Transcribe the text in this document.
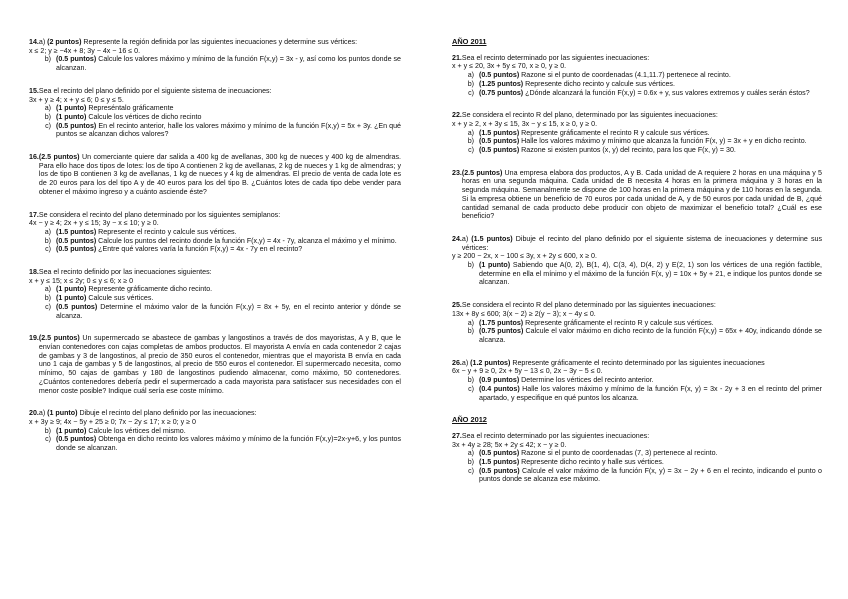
14. a) (2 puntos) Represente la región definida por las siguientes inecuaciones y determine sus vértices:

x ≤ 2; y ≥ −4x + 8; 3y − 4x − 16 ≤ 0.

b) (0.5 puntos) Calcule los valores máximo y mínimo de la función F(x,y) = 3x - y, así como los puntos donde se alcanzan.
15. Sea el recinto del plano definido por el siguiente sistema de inecuaciones:

3x + y ≥ 4; x + y ≤ 6; 0 ≤ y ≤ 5.

a) (1 punto) Represéntalo gráficamente
b) (1 punto) Calcule los vértices de dicho recinto
c) (0.5 puntos) En el recinto anterior, halle los valores máximo y mínimo de la función F(x,y) = 5x + 3y. ¿En qué puntos se alcanzan dichos valores?
16. (2.5 puntos) Un comerciante quiere dar salida a 400 kg de avellanas, 300 kg de nueces y 400 kg de almendras. Para ello hace dos tipos de lotes: los de tipo A contienen 2 kg de avellanas, 2 kg de nueces y 1 kg de almendras; y los de tipo B contienen 3 kg de avellanas, 1 kg de nueces y 4 kg de almendras. El precio de venta de cada lote es de 20 euros para los del tipo A y de 40 euros para los del tipo B. ¿Cuántos lotes de cada tipo debe vender para obtener el máximo ingreso y a cuánto asciende éste?
17. Se considera el recinto del plano determinado por los siguientes semiplanos:

4x − y ≥ 4; 2x + y ≤ 15; 3y − x ≤ 10; y ≥ 0.

a) (1.5 puntos) Represente el recinto y calcule sus vértices.
b) (0.5 puntos) Calcule los puntos del recinto donde la función F(x,y) = 4x - 7y, alcanza el máximo y el mínimo.
c) (0.5 puntos) ¿Entre qué valores varía la función F(x,y) = 4x - 7y en el recinto?
18. Sea el recinto definido por las inecuaciones siguientes:

x + y ≤ 15; x ≤ 2y; 0 ≤ y ≤ 6; x ≥ 0

a) (1 punto) Represente gráficamente dicho recinto.
b) (1 punto) Calcule sus vértices.
c) (0.5 puntos) Determine el máximo valor de la función F(x,y) = 8x + 5y, en el recinto anterior y dónde se alcanza.
19. (2.5 puntos) Un supermercado se abastece de gambas y langostinos a través de dos mayoristas, A y B, que le envían contenedores con cajas completas de ambos productos. El mayorista A envía en cada contenedor 2 cajas de gambas y 3 de langostinos, al precio de 350 euros el contenedor, mientras que el mayorista B envía en cada uno 1 caja de gambas y 5 de langostinos, al precio de 550 euros el contenedor. El supermercado necesita, como mínimo, 50 cajas de gambas y 180 de langostinos pudiendo almacenar, como máximo, 50 contenedores. ¿Cuántos contenedores debería pedir el supermercado a cada mayorista para satisfacer sus necesidades con el menor coste posible? Indique cuál sería ese coste mínimo.
20. a) (1 punto) Dibuje el recinto del plano definido por las inecuaciones:

x + 3y ≥ 9; 4x − 5y + 25 ≥ 0; 7x − 2y ≤ 17; x ≥ 0; y ≥ 0

b) (1 punto) Calcule los vértices del mismo.
c) (0.5 puntos) Obtenga en dicho recinto los valores máximo y mínimo de la función F(x,y)=2x-y+6, y los puntos donde se alcanzan.

AÑO 2011

21. Sea el recinto determinado por las siguientes inecuaciones:

x + y ≤ 20, 3x + 5y ≤ 70, x ≥ 0, y ≥ 0.

a) (0.5 puntos) Razone si el punto de coordenadas (4.1,11.7) pertenece al recinto.
b) (1.25 puntos) Represente dicho recinto y calcule sus vértices.
c) (0.75 puntos) ¿Dónde alcanzará la función F(x,y) = 0.6x + y, sus valores extremos y cuáles serán éstos?
22. Se considera el recinto R del plano, determinado por las siguientes inecuaciones:

x + y ≥ 2, x + 3y ≤ 15, 3x − y ≤ 15, x ≥ 0, y ≥ 0.

a) (1.5 puntos) Represente gráficamente el recinto R y calcule sus vértices.
b) (0.5 puntos) Halle los valores máximo y mínimo que alcanza la función F(x, y) = 3x + y en dicho recinto.
c) (0.5 puntos) Razone si existen puntos (x, y) del recinto, para los que F(x, y) = 30.
23. (2.5 puntos) Una empresa elabora dos productos, A y B. Cada unidad de A requiere 2 horas en una máquina y 5 horas en una segunda máquina. Cada unidad de B necesita 4 horas en la primera máquina y 3 horas en la segunda máquina. Semanalmente se dispone de 100 horas en la primera máquina y de 110 horas en la segunda. Si la empresa obtiene un beneficio de 70 euros por cada unidad de A, y de 50 euros por cada unidad de B, ¿qué cantidad semanal de cada producto debe producir con objeto de maximizar el beneficio total? ¿Cuál es ese beneficio?
24. a) (1.5 puntos) Dibuje el recinto del plano definido por el siguiente sistema de inecuaciones y determine sus vértices:

y ≥ 200 − 2x, x − 100 ≤ 3y, x + 2y ≤ 600, x ≥ 0.

b) (1 punto) Sabiendo que A(0, 2), B(1, 4), C(3, 4), D(4, 2) y E(2, 1) son los vértices de una región factible, determine en ella el mínimo y el máximo de la función F(x, y) = 10x + 5y + 21, e indique los puntos donde se alcanzan.
25. Se considera el recinto R del plano determinado por las siguientes inecuaciones:

13x + 8y ≤ 600; 3(x − 2) ≥ 2(y − 3); x − 4y ≤ 0.

a) (1.75 puntos) Represente gráficamente el recinto R y calcule sus vértices.
b) (0.75 puntos) Calcule el valor máximo en dicho recinto de la función F(x,y) = 65x + 40y, indicando dónde se alcanza.
26. a) (1.2 puntos) Represente gráficamente el recinto determinado por las siguientes inecuaciones

6x − y + 9 ≥ 0, 2x + 5y − 13 ≤ 0, 2x − 3y − 5 ≤ 0.

b) (0.9 puntos) Determine los vértices del recinto anterior.
c) (0.4 puntos) Halle los valores máximo y mínimo de la función F(x, y) = 3x - 2y + 3 en el recinto del primer apartado, y especifique en qué puntos los alcanza.

AÑO 2012

27. Sea el recinto determinado por las siguientes inecuaciones:

3x + 4y ≥ 28; 5x + 2y ≤ 42; x − y ≥ 0.

a) (0.5 puntos) Razone si el punto de coordenadas (7, 3) pertenece al recinto.
b) (1.5 puntos) Represente dicho recinto y halle sus vértices.
c) (0.5 puntos) Calcule el valor máximo de la función F(x, y) = 3x − 2y + 6 en el recinto, indicando el punto o puntos donde se alcanza ese máximo.
